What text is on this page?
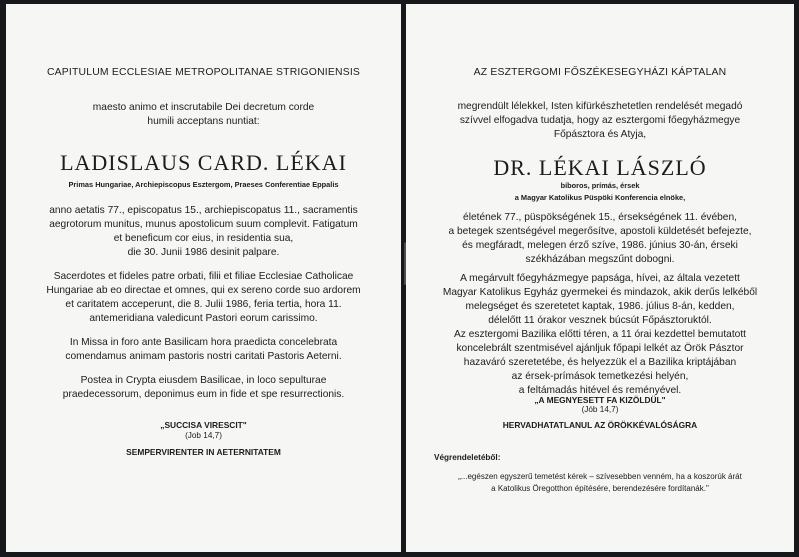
CAPITULUM ECCLESIAE METROPOLITANAE STRIGONIENSIS
maesto animo et inscrutabile Dei decretum corde
humili acceptans nuntiat:
LADISLAUS CARD. LÉKAI
Primas Hungariae, Archiepiscopus Esztergom, Praeses Conferentiae Eppalis
anno aetatis 77., episcopatus 15., archiepiscopatus 11., sacramentis
aegrotorum munitus, munus apostolicum suum complevit. Fatigatum
et beneficum cor eius, in residentia sua,
die 30. Junii 1986 desinit palpare.
Sacerdotes et fideles patre orbati, filii et filiae Ecclesiae Catholicae
Hungariae ab eo directae et omnes, qui ex sereno corde suo ardorem
et caritatem acceperunt, die 8. Julii 1986, feria tertia, hora 11.
antemeridiana valedicunt Pastori eorum carissimo.
In Missa in foro ante Basilicam hora praedicta concelebrata
comendamus animam pastoris nostri caritati Pastoris Aeterni.
Postea in Crypta eiusdem Basilicae, in loco sepulturae
praedecessorum, deponimus eum in fide et spe resurrectionis.
„SUCCISA VIRESCIT"
(Job 14,7)
SEMPERVIRENTER IN AETERNITATEM
AZ ESZTERGOMI FŐSZÉKESEGYHÁZI KÁPTALAN
megrendült lélekkel, Isten kifürkészhetetlen rendelését megadó
szívvel elfogadva tudatja, hogy az esztergomi főegyházmegye
Főpásztora és Atyja,
DR. LÉKAI LÁSZLÓ
bíboros, prímás, érsek
a Magyar Katolikus Püspöki Konferencia elnöke,
életének 77., püspökségének 15., érsekségének 11. évében,
a betegek szentségével megerősítve, apostoli küldetését befejezte,
és megfáradt, melegen érző szíve, 1986. június 30-án, érseki
székházában megszűnt dobogni.
A megárvult főegyházmegye papsága, hívei, az általa vezetett
Magyar Katolikus Egyház gyermekei és mindazok, akik derűs lelkéből
melegséget és szeretetet kaptak, 1986. július 8-án, kedden,
délelőtt 11 órakor vesznek búcsút Főpásztoruktól.
Az esztergomi Bazilika előtti téren, a 11 órai kezdettel bemutatott
koncelebrált szentmisével ajánljuk főpapi lelkét az Örök Pásztor
hazaváró szeretetébe, és helyezzük el a Bazilika kriptájában
az érsek-prímások temetkezési helyén,
a feltámadás hitével és reményével.
„A MEGNYESETT FA KIZÖLDÜL"
(Jób 14,7)
HERVADHATATLANUL AZ ÖRÖKKÉVALÓSÁGRA
Végrendeletéből:
„...egészen egyszerű temetést kérek – szívesebben venném, ha a koszorúk árát
a Katolikus Öregotthon építésére, berendezésére fordítanák."
